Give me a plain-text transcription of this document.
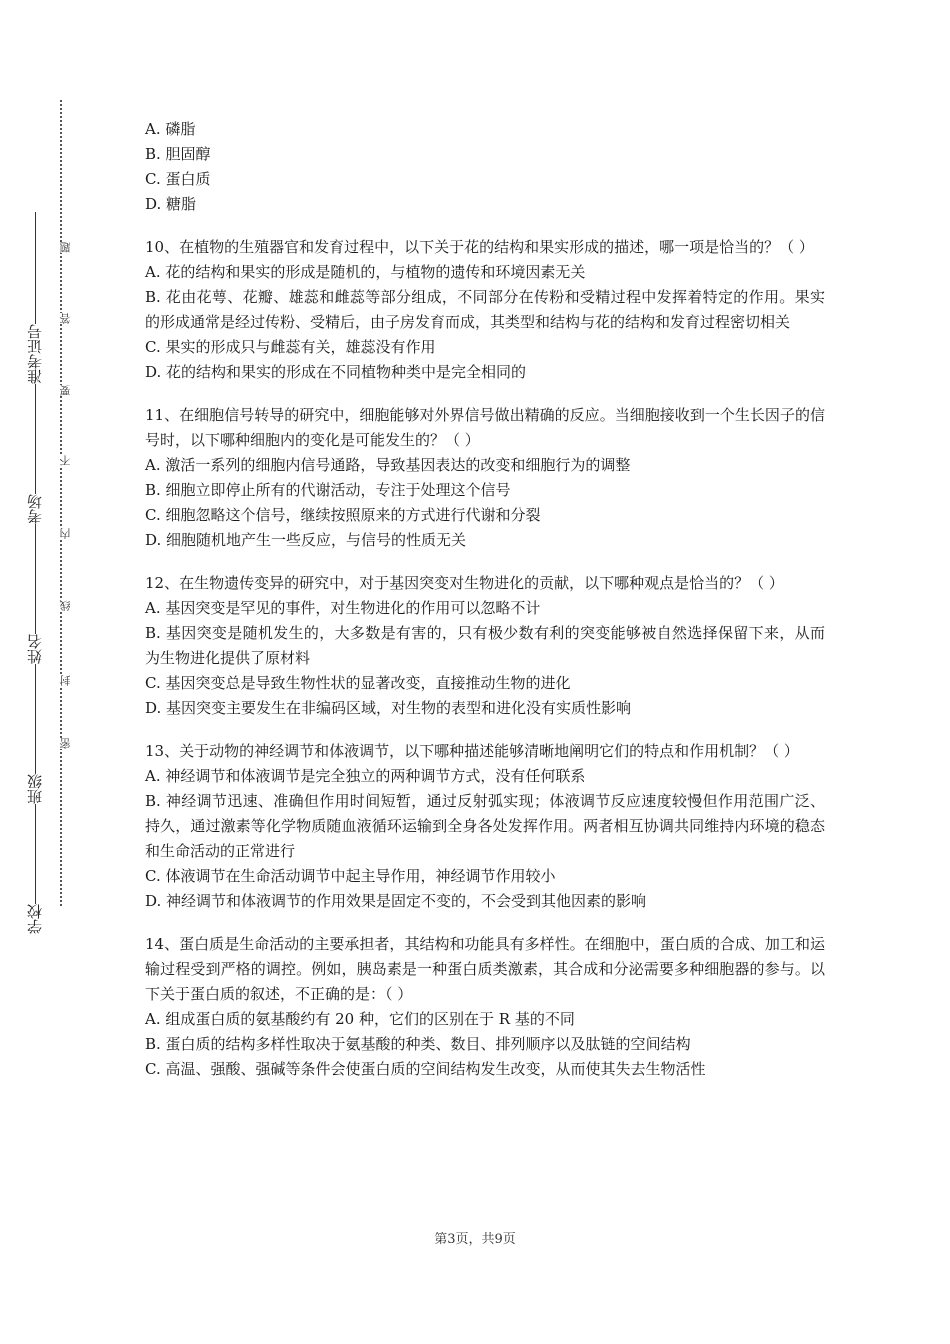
学校班级姓名考场准考证号
密
封
线
内
不
要
答
题

A. 磷脂

B. 胆固醇

C. 蛋白质

D. 糖脂

10、在植物的生殖器官和发育过程中，以下关于花的结构和果实形成的描述，哪一项是恰当的？（ ）

A. 花的结构和果实的形成是随机的，与植物的遗传和环境因素无关

B. 花由花萼、花瓣、雄蕊和雌蕊等部分组成，不同部分在传粉和受精过程中发挥着特定的作用。果实的形成通常是经过传粉、受精后，由子房发育而成，其类型和结构与花的结构和发育过程密切相关

C. 果实的形成只与雌蕊有关，雄蕊没有作用

D. 花的结构和果实的形成在不同植物种类中是完全相同的

11、在细胞信号转导的研究中，细胞能够对外界信号做出精确的反应。当细胞接收到一个生长因子的信号时，以下哪种细胞内的变化是可能发生的？（ ）

A. 激活一系列的细胞内信号通路，导致基因表达的改变和细胞行为的调整

B. 细胞立即停止所有的代谢活动，专注于处理这个信号

C. 细胞忽略这个信号，继续按照原来的方式进行代谢和分裂

D. 细胞随机地产生一些反应，与信号的性质无关

12、在生物遗传变异的研究中，对于基因突变对生物进化的贡献，以下哪种观点是恰当的？（ ）

A. 基因突变是罕见的事件，对生物进化的作用可以忽略不计

B. 基因突变是随机发生的，大多数是有害的，只有极少数有利的突变能够被自然选择保留下来，从而为生物进化提供了原材料

C. 基因突变总是导致生物性状的显著改变，直接推动生物的进化

D. 基因突变主要发生在非编码区域，对生物的表型和进化没有实质性影响

13、关于动物的神经调节和体液调节，以下哪种描述能够清晰地阐明它们的特点和作用机制？（ ）

A. 神经调节和体液调节是完全独立的两种调节方式，没有任何联系

B. 神经调节迅速、准确但作用时间短暂，通过反射弧实现；体液调节反应速度较慢但作用范围广泛、持久，通过激素等化学物质随血液循环运输到全身各处发挥作用。两者相互协调共同维持内环境的稳态和生命活动的正常进行

C. 体液调节在生命活动调节中起主导作用，神经调节作用较小

D. 神经调节和体液调节的作用效果是固定不变的，不会受到其他因素的影响

14、蛋白质是生命活动的主要承担者，其结构和功能具有多样性。在细胞中，蛋白质的合成、加工和运输过程受到严格的调控。例如，胰岛素是一种蛋白质类激素，其合成和分泌需要多种细胞器的参与。以下关于蛋白质的叙述，不正确的是：（ ）

A. 组成蛋白质的氨基酸约有 20 种，它们的区别在于 R 基的不同

B. 蛋白质的结构多样性取决于氨基酸的种类、数目、排列顺序以及肽链的空间结构

C. 高温、强酸、强碱等条件会使蛋白质的空间结构发生改变，从而使其失去生物活性

第3页，共9页
